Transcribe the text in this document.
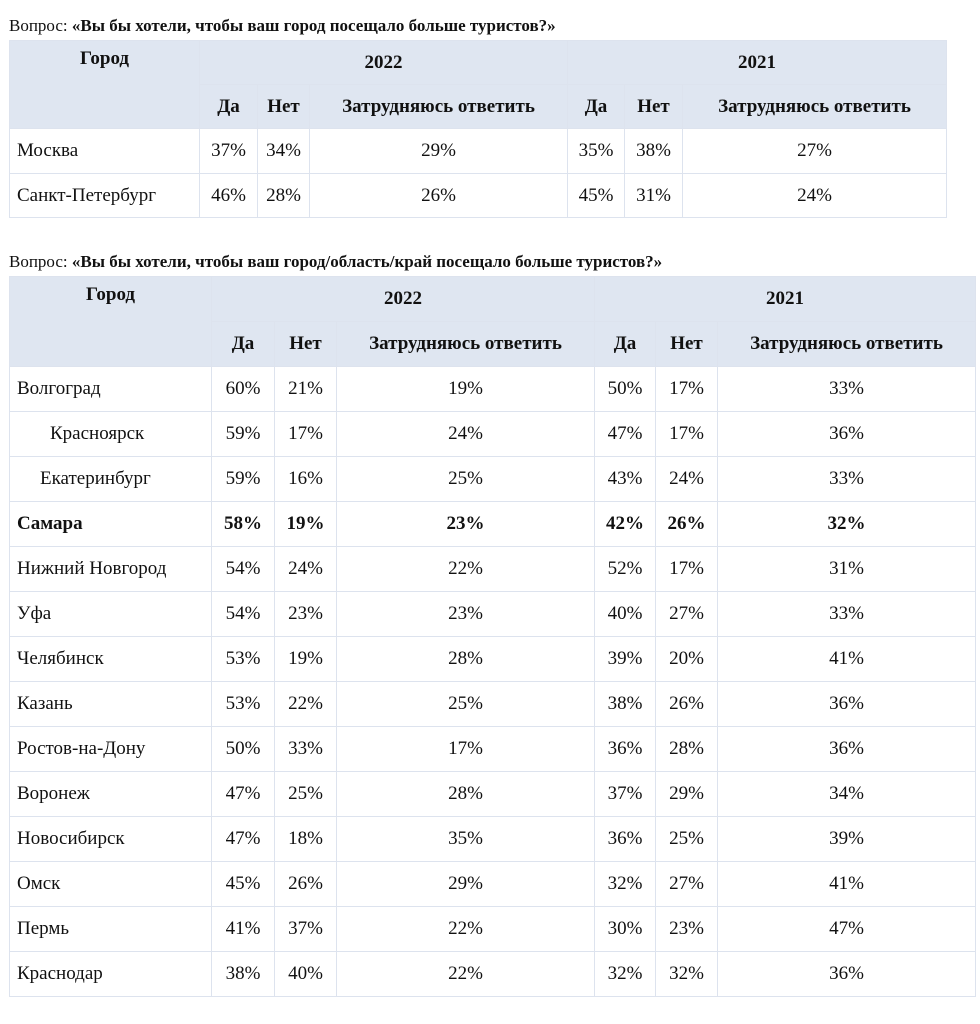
Вопрос: «Вы бы хотели, чтобы ваш город посещало больше туристов?»
Город	2022			2021		
	Да	Нет	Затрудняюсь ответить	Да	Нет	Затрудняюсь ответить
Москва	37%	34%	29%	35%	38%	27%
Санкт-Петербург	46%	28%	26%	45%	31%	24%
Вопрос: «Вы бы хотели, чтобы ваш город/область/край посещало больше туристов?»
Город	2022			2021		
	Да	Нет	Затрудняюсь ответить	Да	Нет	Затрудняюсь ответить
Волгоград	60%	21%	19%	50%	17%	33%
Красноярск	59%	17%	24%	47%	17%	36%
Екатеринбург	59%	16%	25%	43%	24%	33%
Самара	58%	19%	23%	42%	26%	32%
Нижний Новгород	54%	24%	22%	52%	17%	31%
Уфа	54%	23%	23%	40%	27%	33%
Челябинск	53%	19%	28%	39%	20%	41%
Казань	53%	22%	25%	38%	26%	36%
Ростов-на-Дону	50%	33%	17%	36%	28%	36%
Воронеж	47%	25%	28%	37%	29%	34%
Новосибирск	47%	18%	35%	36%	25%	39%
Омск	45%	26%	29%	32%	27%	41%
Пермь	41%	37%	22%	30%	23%	47%
Краснодар	38%	40%	22%	32%	32%	36%
